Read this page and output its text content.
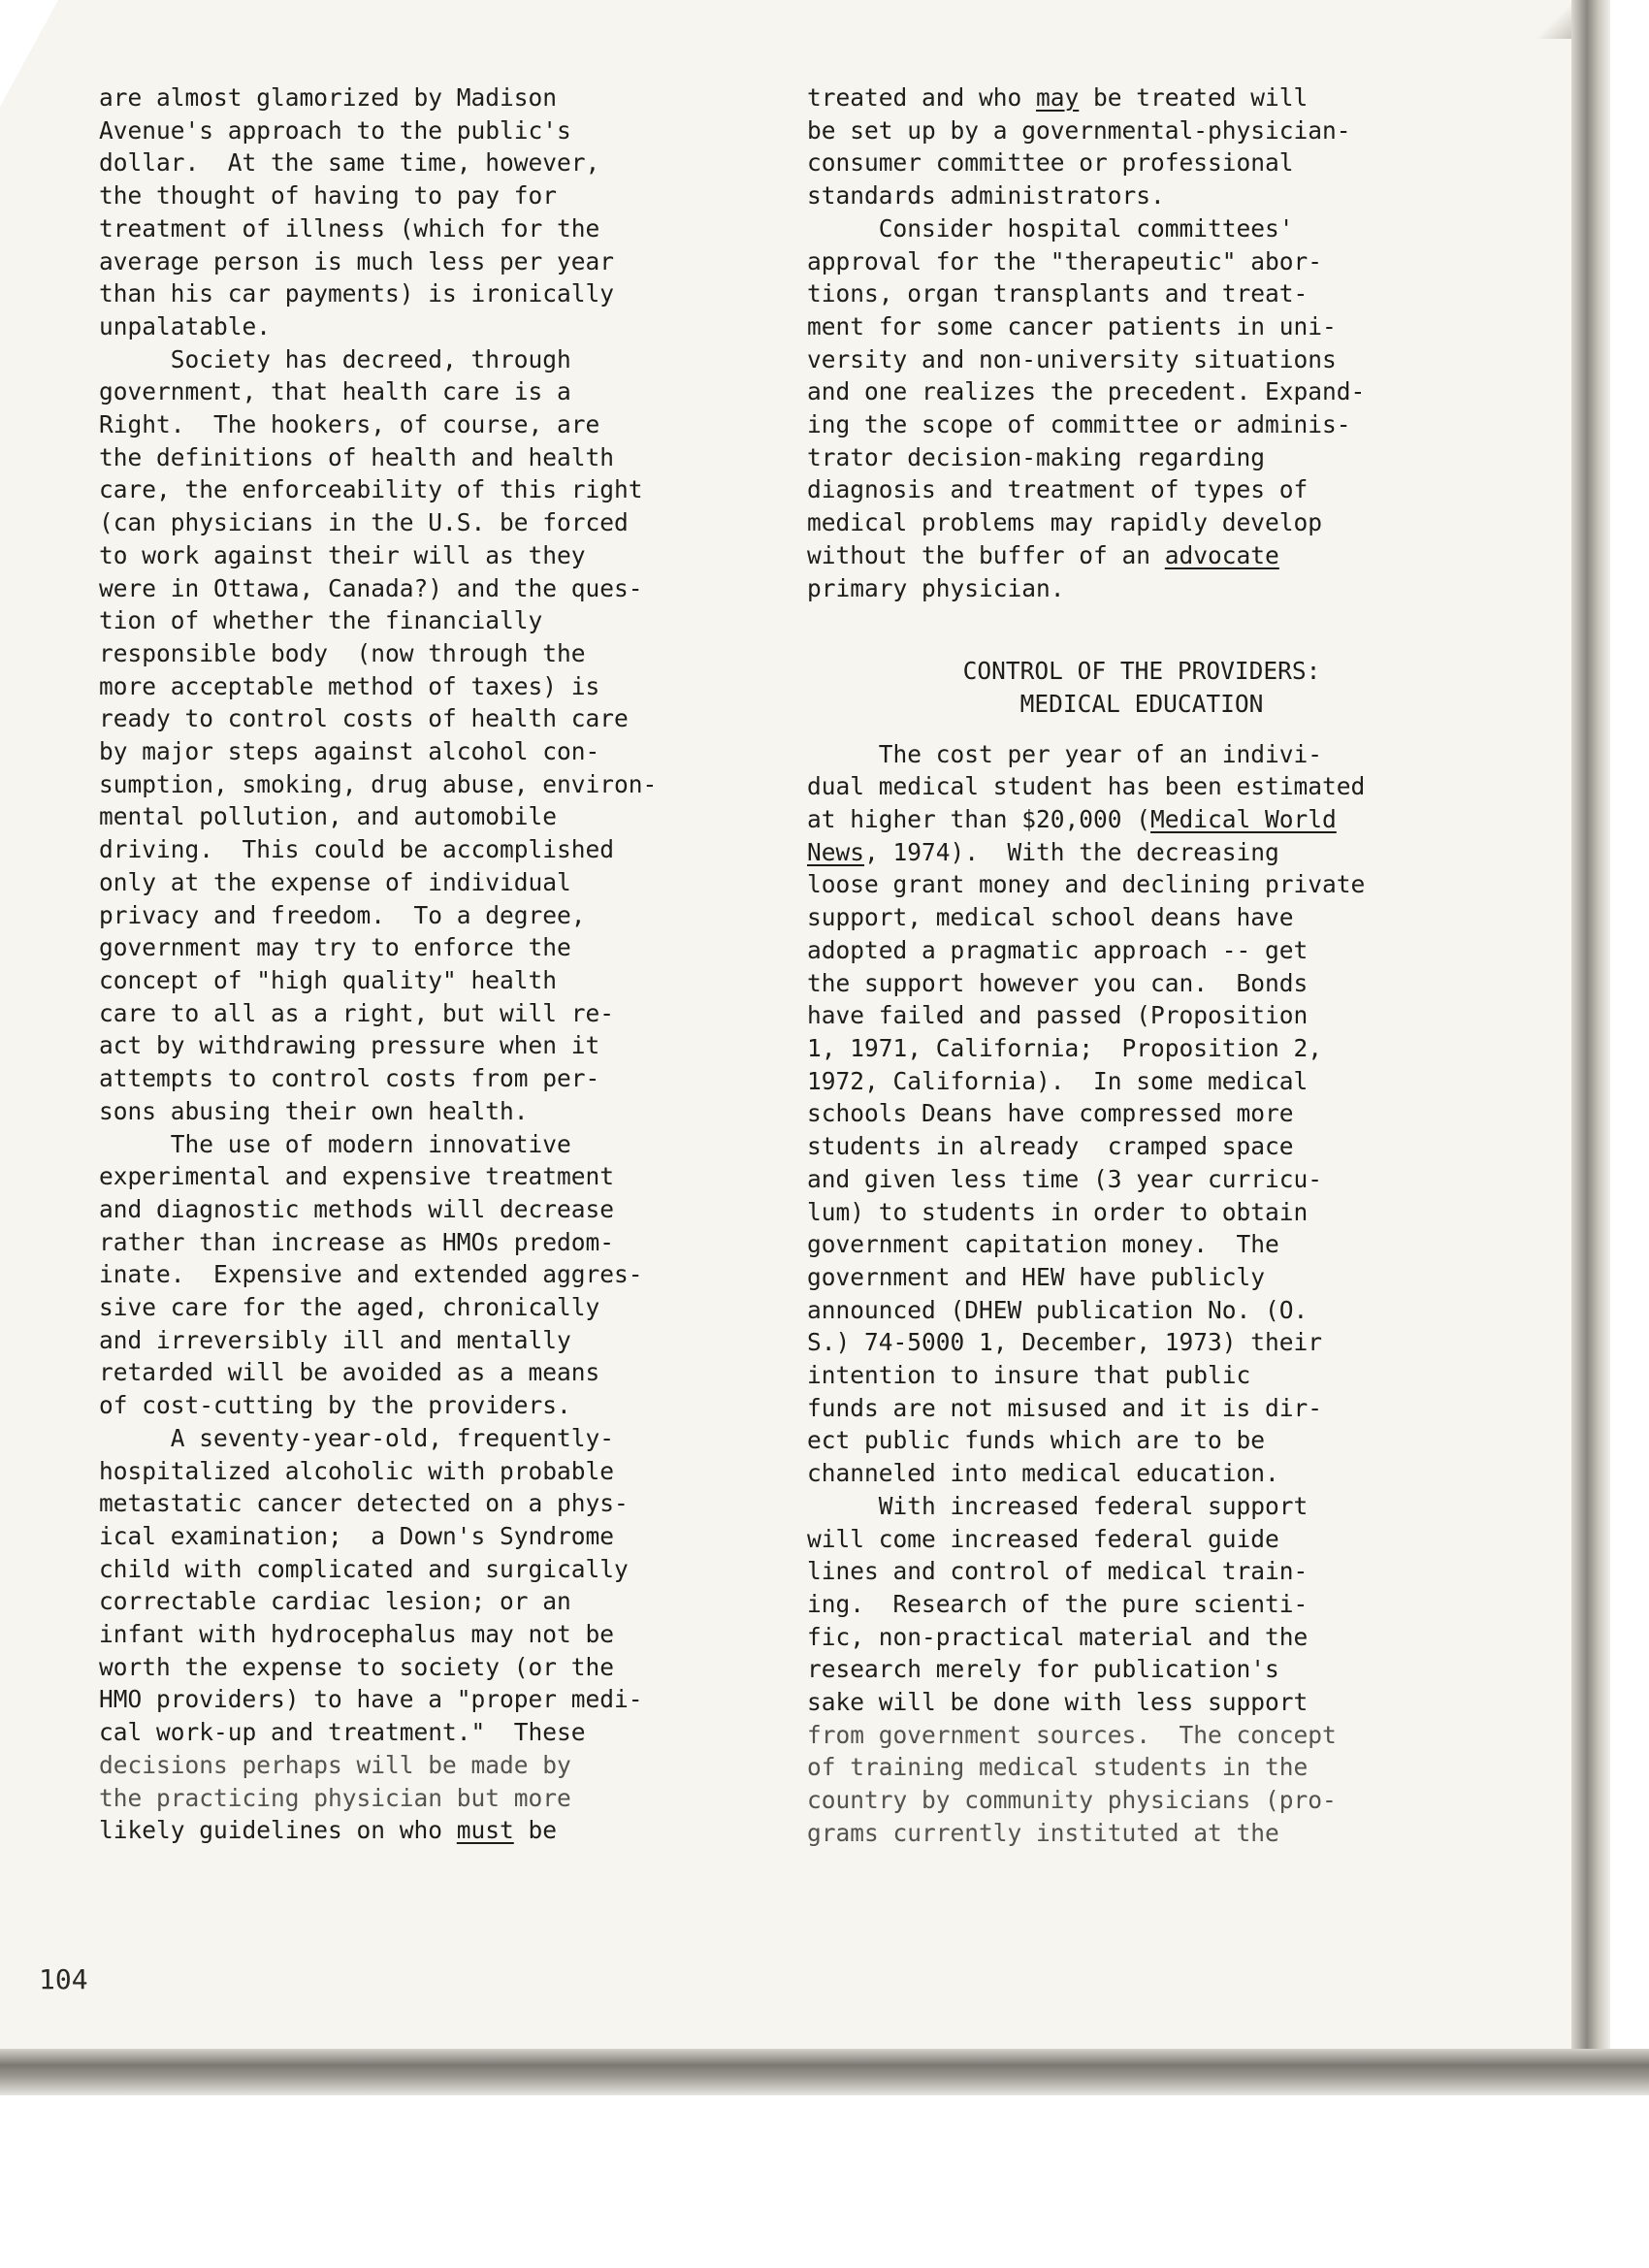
are almost glamorized by Madison
Avenue's approach to the public's
dollar.  At the same time, however,
the thought of having to pay for
treatment of illness (which for the
average person is much less per year
than his car payments) is ironically
unpalatable.
Society has decreed, through
government, that health care is a
Right.  The hookers, of course, are
the definitions of health and health
care, the enforceability of this right
(can physicians in the U.S. be forced
to work against their will as they
were in Ottawa, Canada?) and the ques-
tion of whether the financially
responsible body  (now through the
more acceptable method of taxes) is
ready to control costs of health care
by major steps against alcohol con-
sumption, smoking, drug abuse, environ-
mental pollution, and automobile
driving.  This could be accomplished
only at the expense of individual
privacy and freedom.  To a degree,
government may try to enforce the
concept of "high quality" health
care to all as a right, but will re-
act by withdrawing pressure when it
attempts to control costs from per-
sons abusing their own health.
The use of modern innovative
experimental and expensive treatment
and diagnostic methods will decrease
rather than increase as HMOs predom-
inate.  Expensive and extended aggres-
sive care for the aged, chronically
and irreversibly ill and mentally
retarded will be avoided as a means
of cost-cutting by the providers.
A seventy-year-old, frequently-
hospitalized alcoholic with probable
metastatic cancer detected on a phys-
ical examination;  a Down's Syndrome
child with complicated and surgically
correctable cardiac lesion; or an
infant with hydrocephalus may not be
worth the expense to society (or the
HMO providers) to have a "proper medi-
cal work-up and treatment."  These
decisions perhaps will be made by
the practicing physician but more
likely guidelines on who must be
treated and who may be treated will
be set up by a governmental-physician-
consumer committee or professional
standards administrators.
Consider hospital committees'
approval for the "therapeutic" abor-
tions, organ transplants and treat-
ment for some cancer patients in uni-
versity and non-university situations
and one realizes the precedent. Expand-
ing the scope of committee or adminis-
trator decision-making regarding
diagnosis and treatment of types of
medical problems may rapidly develop
without the buffer of an advocate
primary physician.
CONTROL OF THE PROVIDERS:
MEDICAL EDUCATION
The cost per year of an indivi-
dual medical student has been estimated
at higher than $20,000 (Medical World
News, 1974).  With the decreasing
loose grant money and declining private
support, medical school deans have
adopted a pragmatic approach -- get
the support however you can.  Bonds
have failed and passed (Proposition
1, 1971, California;  Proposition 2,
1972, California).  In some medical
schools Deans have compressed more
students in already  cramped space
and given less time (3 year curricu-
lum) to students in order to obtain
government capitation money.  The
government and HEW have publicly
announced (DHEW publication No. (O.
S.) 74-5000 1, December, 1973) their
intention to insure that public
funds are not misused and it is dir-
ect public funds which are to be
channeled into medical education.
With increased federal support
will come increased federal guide
lines and control of medical train-
ing.  Research of the pure scienti-
fic, non-practical material and the
research merely for publication's
sake will be done with less support
from government sources.  The concept
of training medical students in the
country by community physicians (pro-
grams currently instituted at the
104
